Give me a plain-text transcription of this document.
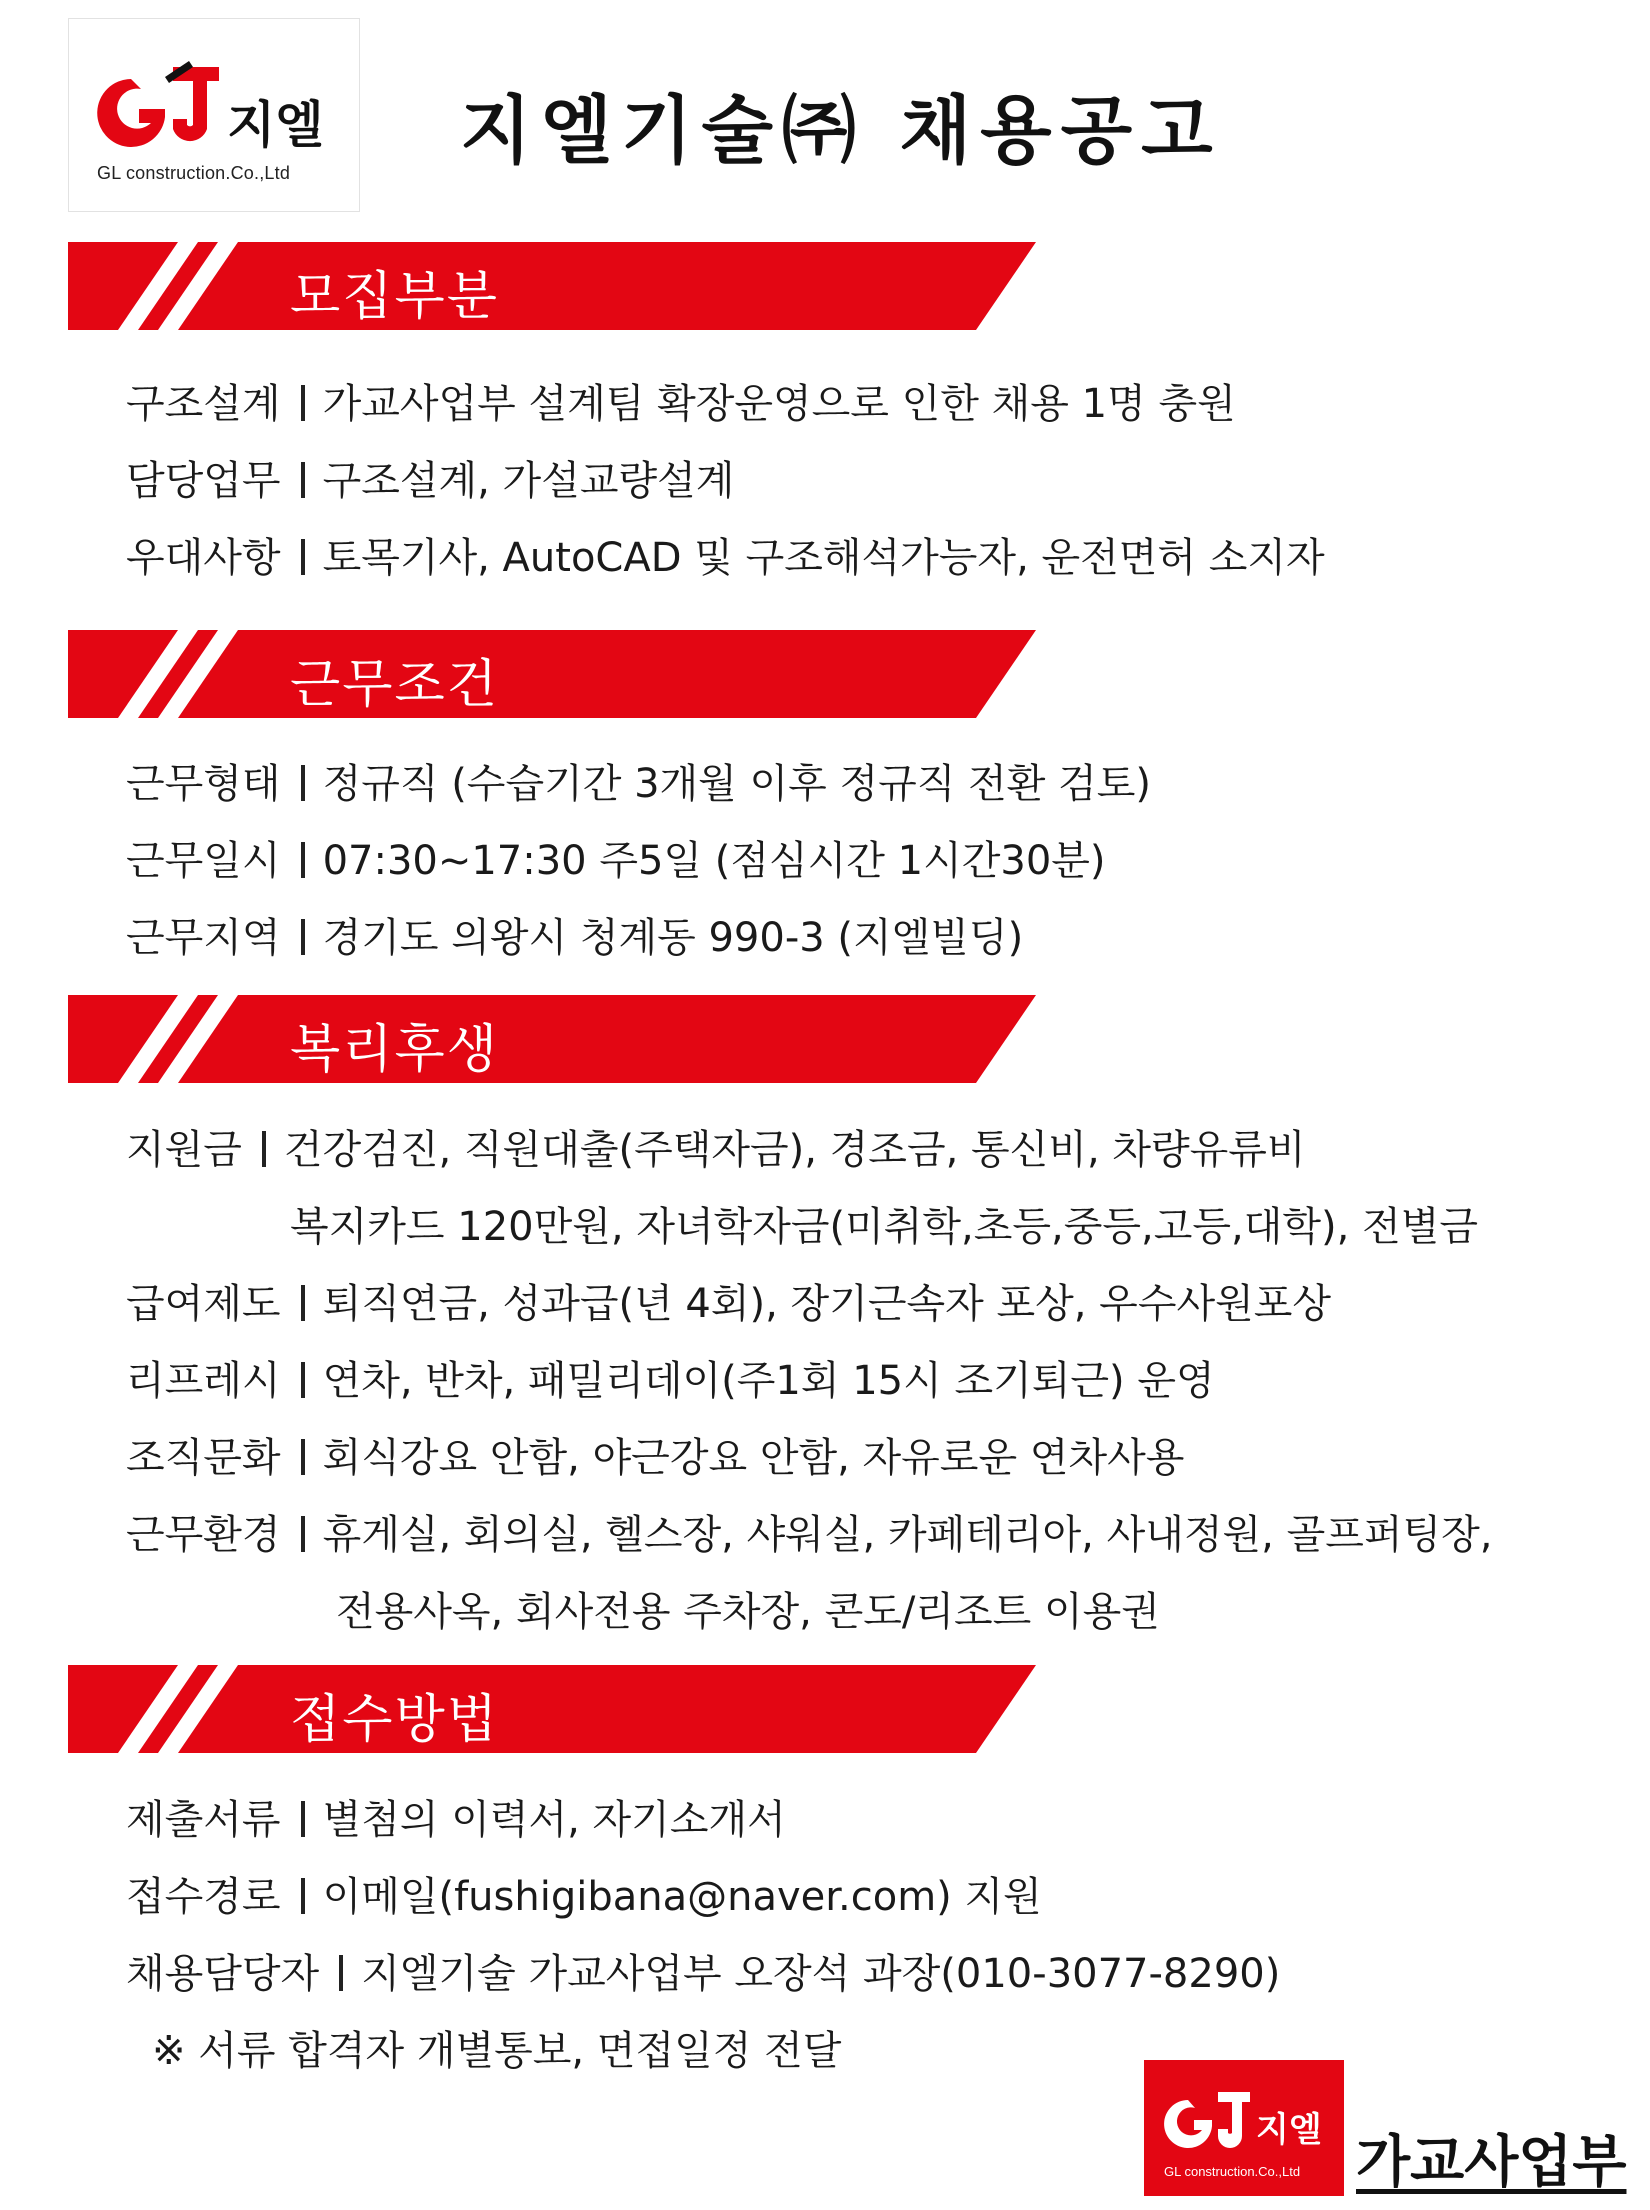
지엘
GL construction.Co.,Ltd 지엘기술㈜ 채용공고
모집부분
구조설계 가교사업부 설계팀 확장운영으로 인한 채용 1명 충원
담당업무 구조설계, 가설교량설계
우대사항 토목기사, AutoCAD 및 구조해석가능자, 운전면허 소지자
근무조건
근무형태 정규직 (수습기간 3개월 이후 정규직 전환 검토)
근무일시 07:30~17:30 주5일 (점심시간 1시간30분)
근무지역 경기도 의왕시 청계동 990-3 (지엘빌딩)
복리후생
지원금 건강검진, 직원대출(주택자금), 경조금, 통신비, 차량유류비
복지카드 120만원, 자녀학자금(미취학,초등,중등,고등,대학), 전별금
급여제도 퇴직연금, 성과급(년 4회), 장기근속자 포상, 우수사원포상
리프레시 연차, 반차, 패밀리데이(주1회 15시 조기퇴근) 운영
조직문화 회식강요 안함, 야근강요 안함, 자유로운 연차사용
근무환경 휴게실, 회의실, 헬스장, 샤워실, 카페테리아, 사내정원, 골프퍼팅장,
전용사옥, 회사전용 주차장, 콘도/리조트 이용권
접수방법
제출서류 별첨의 이력서, 자기소개서
접수경로 이메일(fushigibana@naver.com) 지원
채용담당자 지엘기술 가교사업부 오장석 과장(010-3077-8290)
※ 서류 합격자 개별통보, 면접일정 전달
지엘
GL construction.Co.,Ltd 가교사업부
